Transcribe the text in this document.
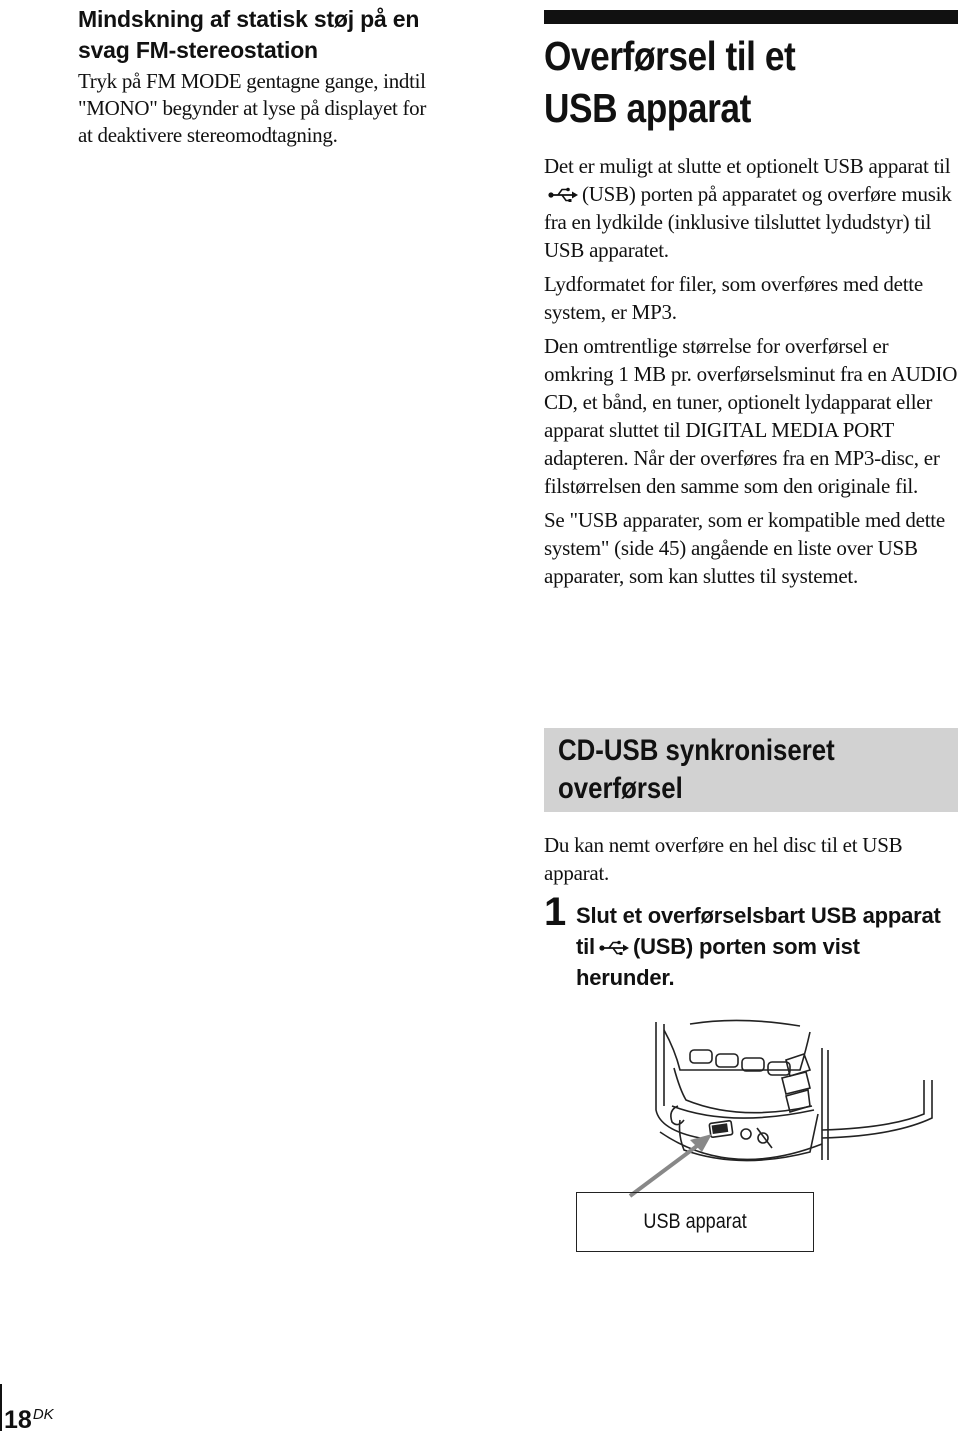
Mindskning af statisk støj på en
svag FM-stereostation

Tryk på FM MODE gentagne gange, indtil
"MONO" begynder at lyse på displayet for
at deaktivere stereomodtagning.

Overførsel til et
USB apparat

Det er muligt at slutte et optionelt USB apparat til(USB) porten på apparatet og overføre musik fra en lydkilde (inklusive tilsluttet lydudstyr) til USB apparatet.

Lydformatet for filer, som overføres med dette system, er MP3.

Den omtrentlige størrelse for overførsel er omkring 1 MB pr. overførselsminut fra en AUDIO CD, et bånd, en tuner, optionelt lydapparat eller apparat sluttet til DIGITAL MEDIA PORT adapteren. Når der overføres fra en MP3-disc, er filstørrelsen den samme som den originale fil.

Se "USB apparater, som er kompatible med dette system" (side 45) angående en liste over USB apparater, som kan sluttes til systemet.

CD-USB synkroniseret
overførsel

Du kan nemt overføre en hel disc til et USB apparat.

1 Slut et overførselsbart USB apparat til (USB) porten som vist herunder.

USB apparat
$18^{DK}$
